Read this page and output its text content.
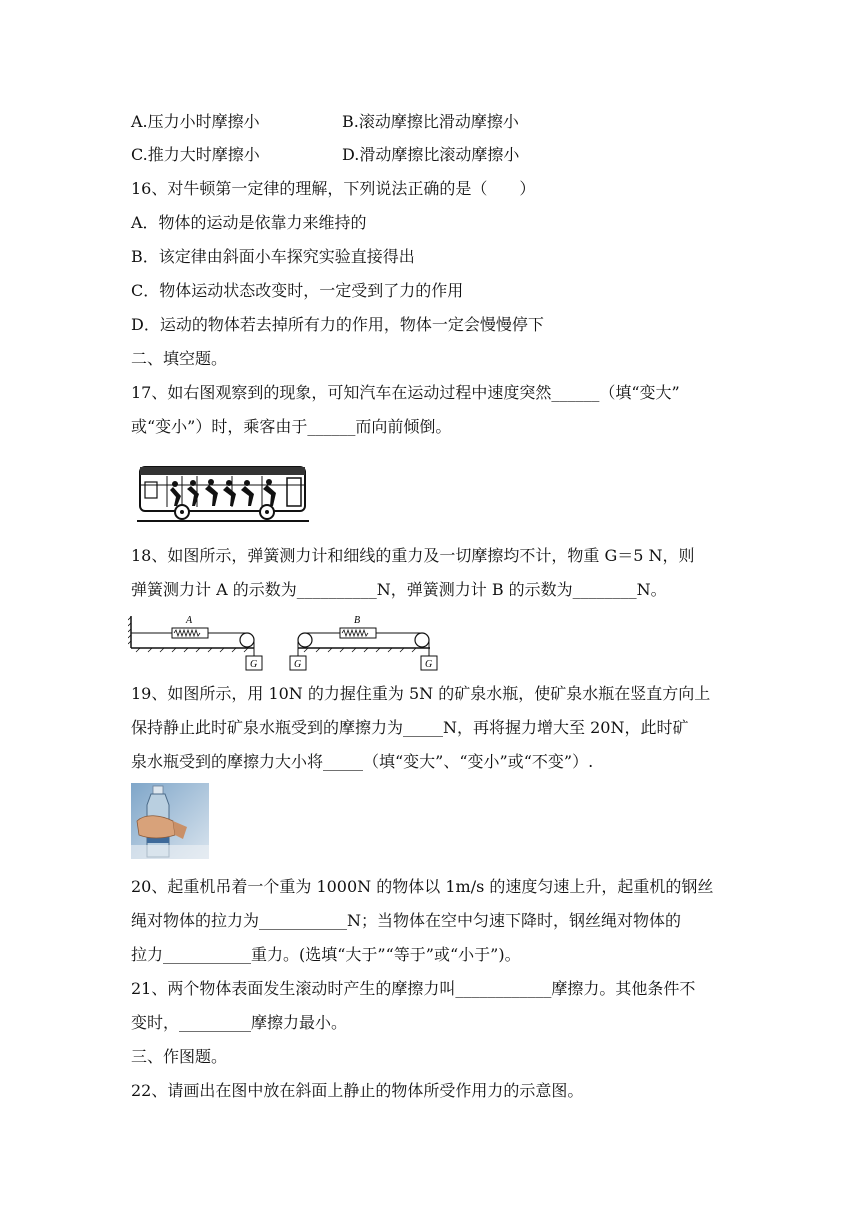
A.压力小时摩擦小	B.滚动摩擦比滑动摩擦小
C.推力大时摩擦小	D.滑动摩擦比滚动摩擦小
16、对牛顿第一定律的理解，下列说法正确的是（　　）
A．物体的运动是依靠力来维持的
B．该定律由斜面小车探究实验直接得出
C．物体运动状态改变时，一定受到了力的作用
D．运动的物体若去掉所有力的作用，物体一定会慢慢停下
二、填空题。
17、如右图观察到的现象，可知汽车在运动过程中速度突然______（填“变大”
或“变小”）时，乘客由于______而向前倾倒。
18、如图所示，弹簧测力计和细线的重力及一切摩擦均不计，物重 G＝5 N，则
弹簧测力计 A 的示数为__________N，弹簧测力计 B 的示数为________N。
A
G	G
B
G
19、如图所示，用 10N 的力握住重为 5N 的矿泉水瓶，使矿泉水瓶在竖直方向上
保持静止此时矿泉水瓶受到的摩擦力为_____N，再将握力增大至 20N，此时矿
泉水瓶受到的摩擦力大小将_____（填“变大”、“变小”或“不变”）.
20、起重机吊着一个重为 1000N 的物体以 1m/s 的速度匀速上升，起重机的钢丝
绳对物体的拉力为___________N；当物体在空中匀速下降时，钢丝绳对物体的
拉力___________重力。(选填“大于”“等于”或“小于”)。
21、两个物体表面发生滚动时产生的摩擦力叫____________摩擦力。其他条件不
变时，_________摩擦力最小。
三、作图题。
22、请画出在图中放在斜面上静止的物体所受作用力的示意图。
